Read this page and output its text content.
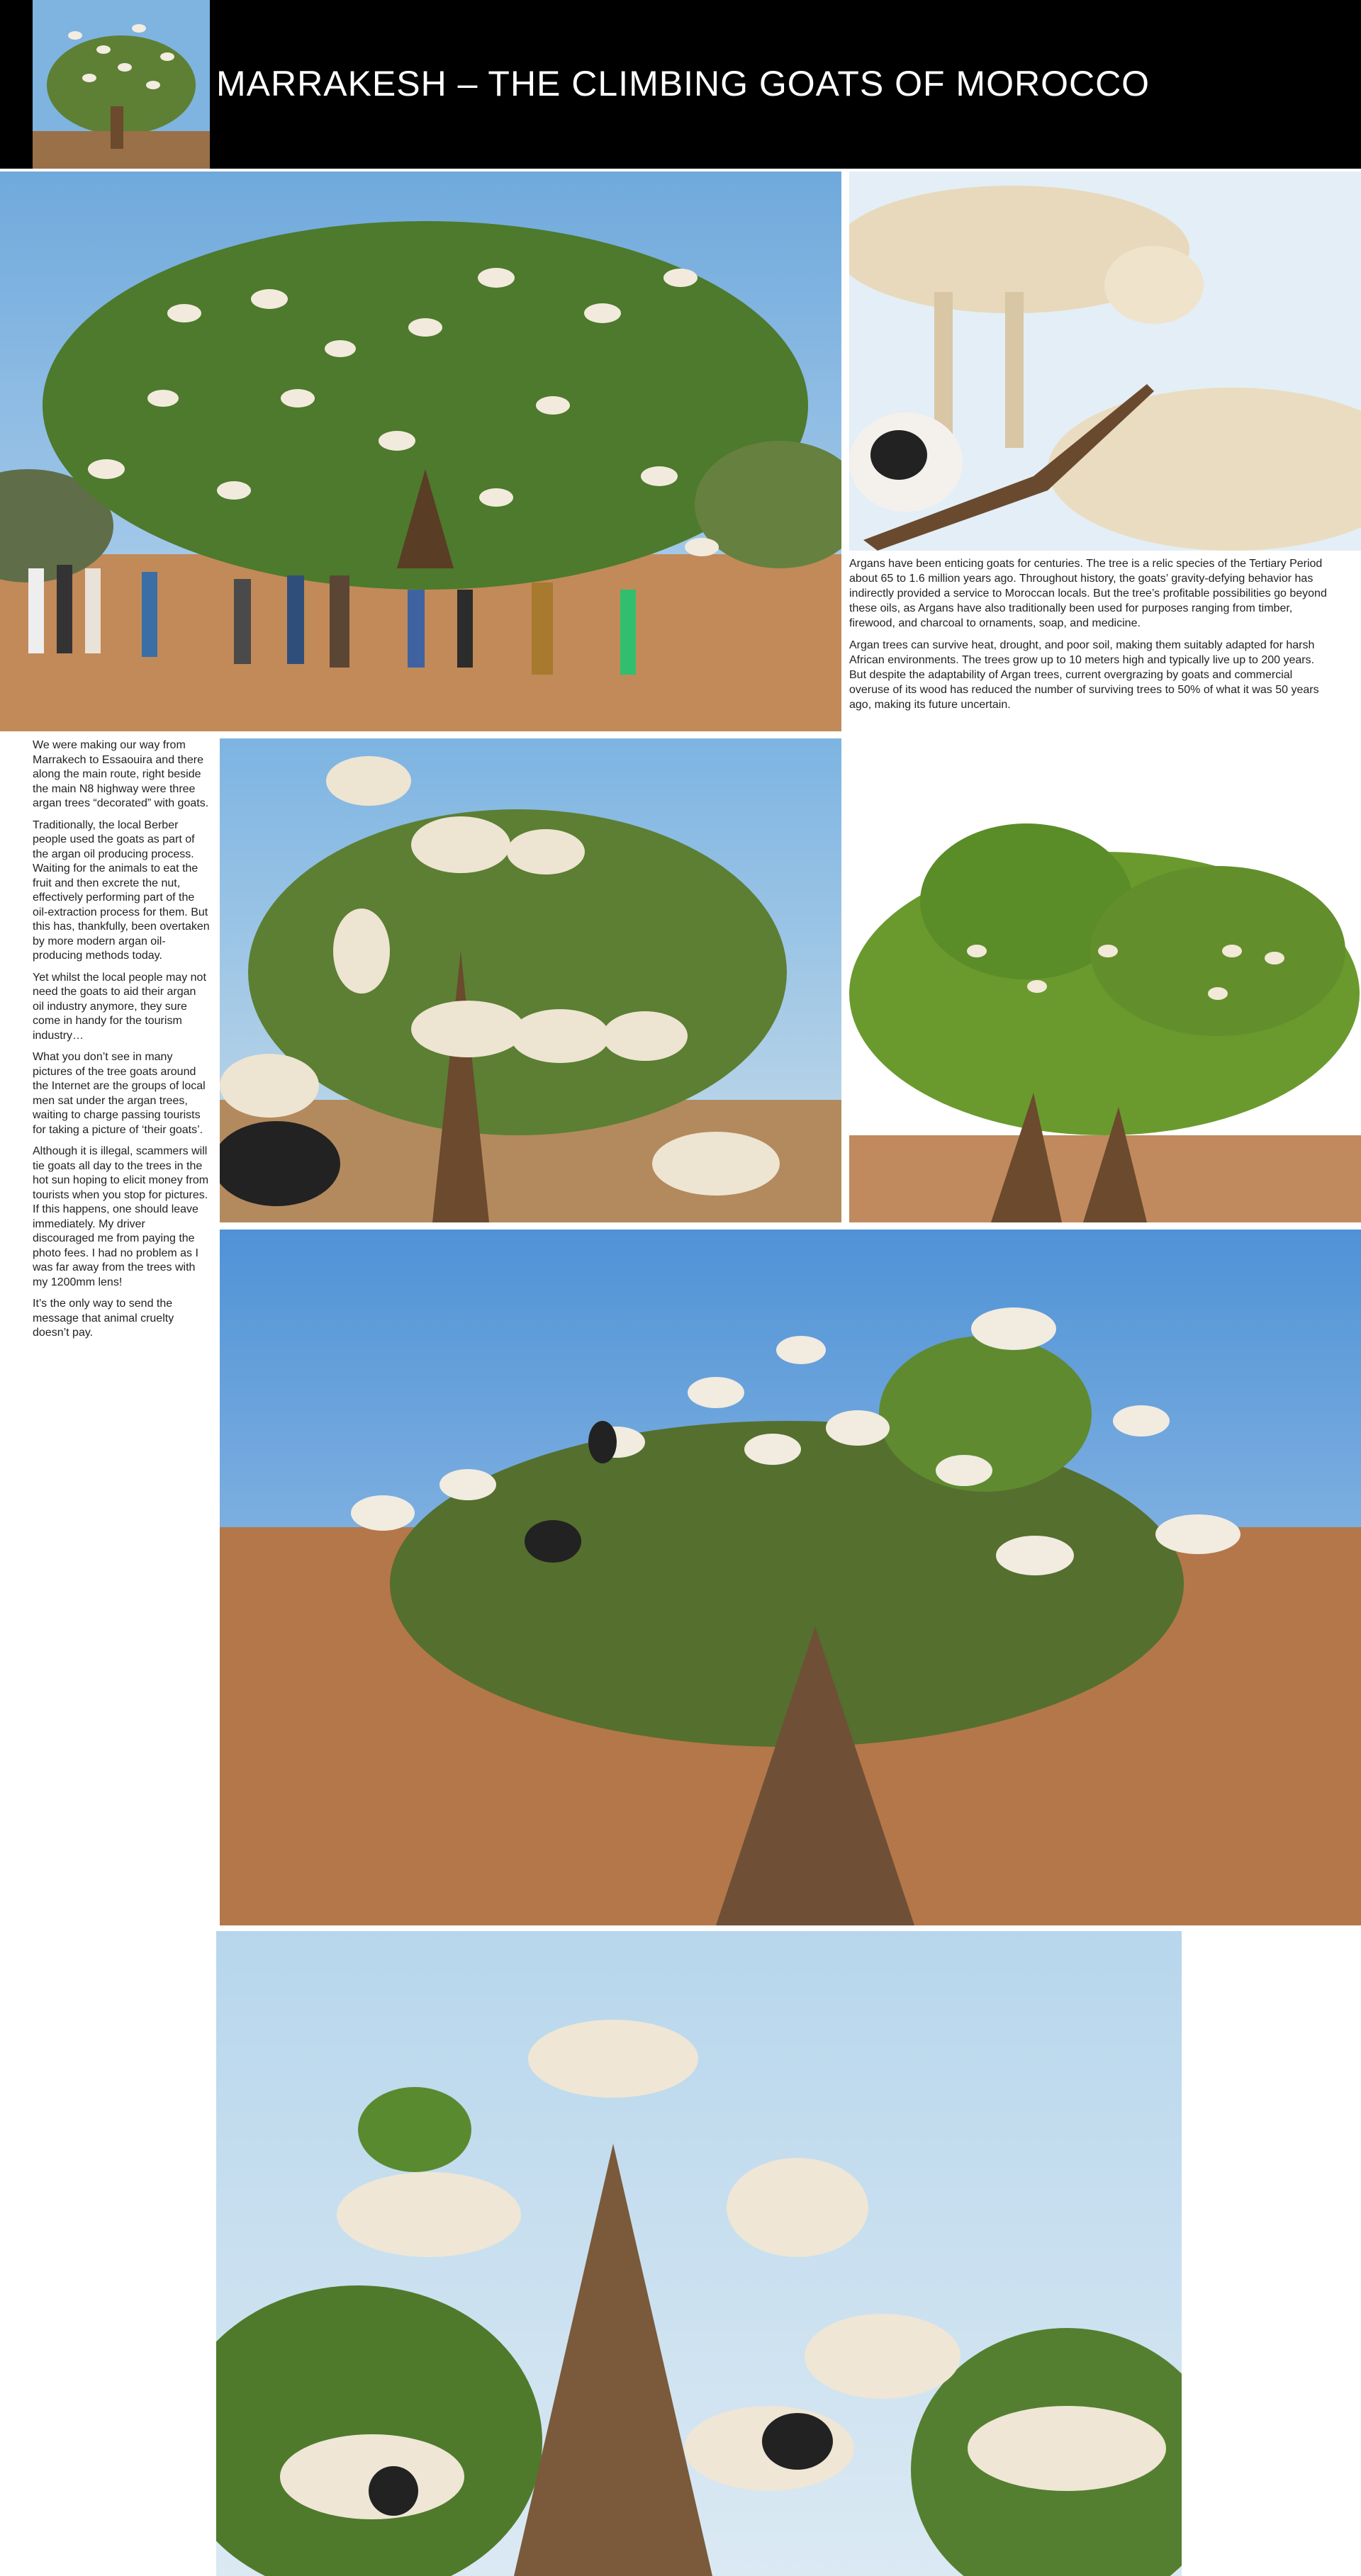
MARRAKESH – THE CLIMBING GOATS OF MOROCCO

Argans have been enticing goats for centuries. The tree is a relic species of the Tertiary Period about 65 to 1.6 million years ago. Throughout history, the goats’ gravity-defying behavior has indirectly provided a service to Moroccan locals. But the tree’s profitable possibilities go beyond these oils, as Argans have also traditionally been used for purposes ranging from timber, firewood, and charcoal to ornaments, soap, and medicine.

Argan trees can survive heat, drought, and poor soil, making them suitably adapted for harsh African environments. The trees grow up to 10 meters high and typically live up to 200 years. But despite the adaptability of Argan trees, current overgrazing by goats and commercial overuse of its wood has reduced the number of surviving trees to 50% of what it was 50 years ago, making its future uncertain.

We were making our way from Marrakech to Essaouira and there along the main route, right beside the main N8 highway were three argan trees “decorated” with goats.

Traditionally, the local Berber people used the goats as part of the argan oil producing process. Waiting for the animals to eat the fruit and then excrete the nut, effectively performing part of the oil-extraction process for them. But this has, thankfully, been overtaken by more modern argan oil-producing methods today.

Yet whilst the local people may not need the goats to aid their argan oil industry anymore, they sure come in handy for the tourism industry…

What you don’t see in many pictures of the tree goats around the Internet are the groups of local men sat under the argan trees, waiting to charge passing tourists for taking a picture of ‘their goats’.

Although it is illegal, scammers will tie goats all day to the trees in the hot sun hoping to elicit money from tourists when you stop for pictures. If this happens, one should leave immediately. My driver discouraged me from paying the photo fees. I had no problem as I was far away from the trees with my 1200mm lens!

It’s the only way to send the message that animal cruelty doesn’t pay.
